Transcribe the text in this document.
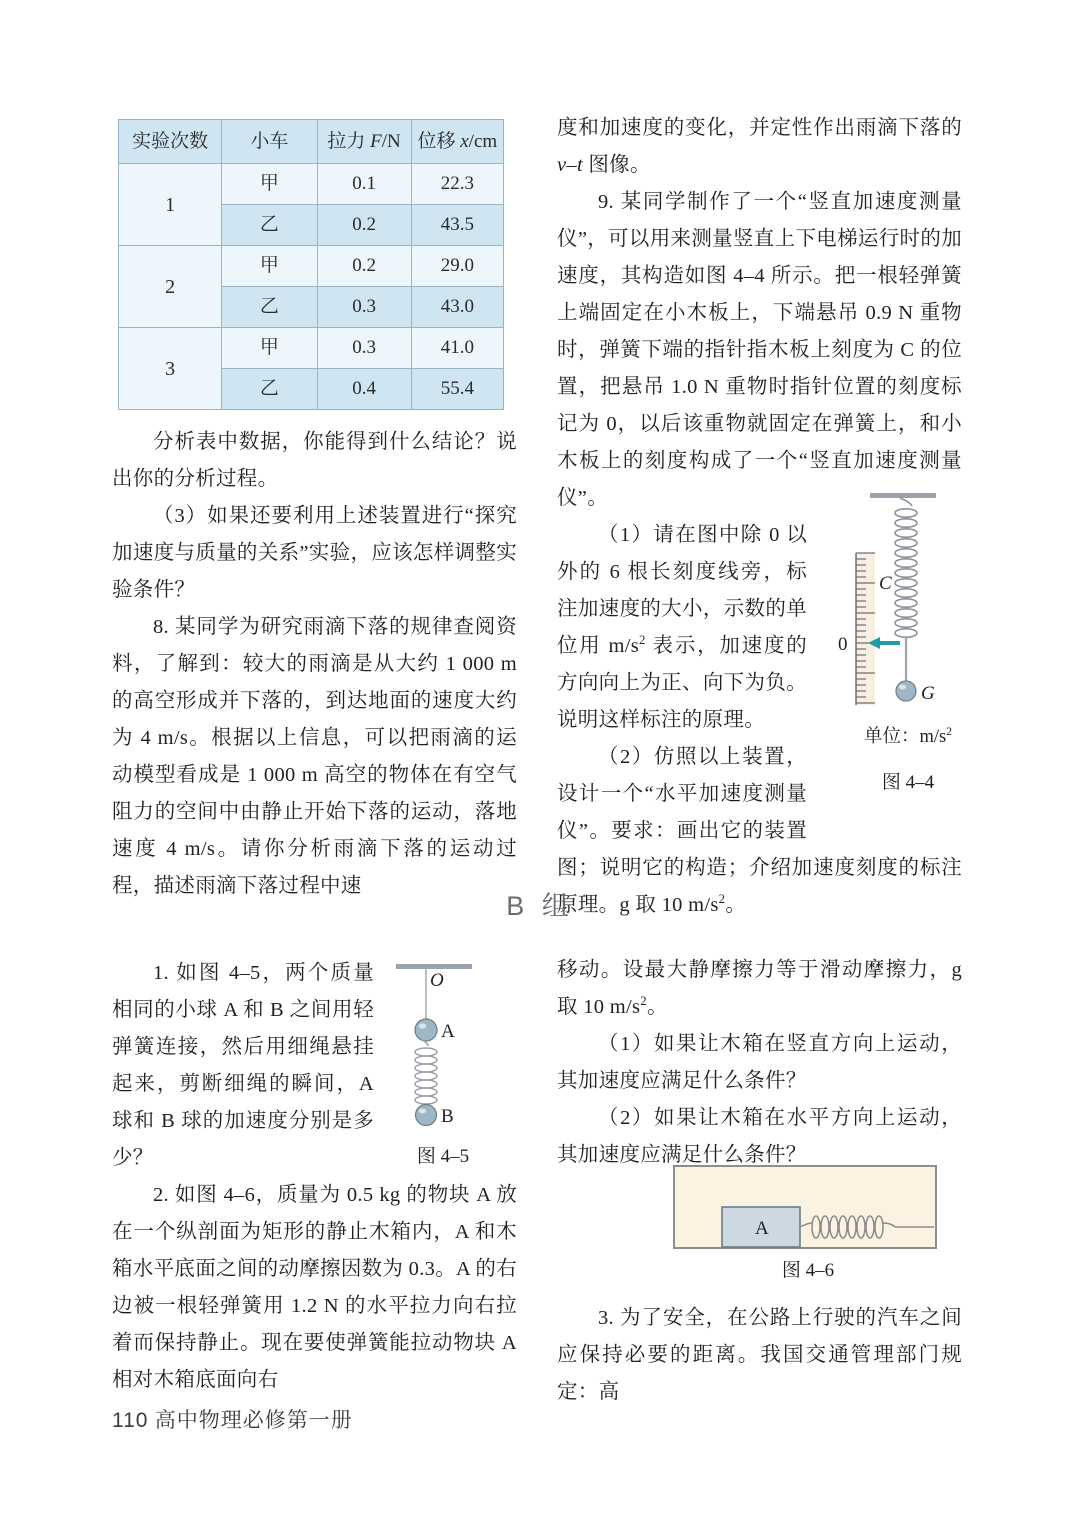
实验次数	小车	拉力 F/N	位移 x/cm
1	甲	0.1	22.3
	乙	0.2	43.5
2	甲	0.2	29.0
	乙	0.3	43.0
3	甲	0.3	41.0
	乙	0.4	55.4

分析表中数据，你能得到什么结论？说出你的分析过程。

（3）如果还要利用上述装置进行“探究加速度与质量的关系”实验，应该怎样调整实验条件？

8. 某同学为研究雨滴下落的规律查阅资料，了解到：较大的雨滴是从大约 1 000 m 的高空形成并下落的，到达地面的速度大约为 4 m/s。根据以上信息，可以把雨滴的运动模型看成是 1 000 m 高空的物体在有空气阻力的空间中由静止开始下落的运动，落地速度 4 m/s。请你分析雨滴下落的运动过程，描述雨滴下落过程中速

度和加速度的变化，并定性作出雨滴下落的 v–t 图像。

9. 某同学制作了一个“竖直加速度测量仪”，可以用来测量竖直上下电梯运行时的加速度，其构造如图 4–4 所示。把一根轻弹簧上端固定在小木板上，下端悬吊 0.9 N 重物时，弹簧下端的指针指木板上刻度为 C 的位置，把悬吊 1.0 N 重物时指针位置的刻度标记为 0，以后该重物就固定在弹簧上，和小木板上的刻度构成了一个“竖直加速度测量仪”。

（1）请在图中除 0 以外的 6 根长刻度线旁，标注加速度的大小，示数的单位用 $m/s^2$ 表示，加速度的方向向上为正、向下为负。说明这样标注的原理。

（2）仿照以上装置，设计一个“水平加速度测量仪”。要求：画出它的装置图；说明它的构造；介绍加速度刻度的标注原理。g 取 10 $m/s^2$。

C
0
G
单位：$m/s^2$
图 4–4
B 组

1. 如图 4–5，两个质量相同的小球 A 和 B 之间用轻弹簧连接，然后用细绳悬挂起来，剪断细绳的瞬间，A 球和 B 球的加速度分别是多少？

2. 如图 4–6，质量为 0.5 kg 的物块 A 放在一个纵剖面为矩形的静止木箱内，A 和木箱水平底面之间的动摩擦因数为 0.3。A 的右边被一根轻弹簧用 1.2 N 的水平拉力向右拉着而保持静止。现在要使弹簧能拉动物块 A 相对木箱底面向右

O
A
B
图 4–5

移动。设最大静摩擦力等于滑动摩擦力，g 取 10 $m/s^2$。

（1）如果让木箱在竖直方向上运动，其加速度应满足什么条件？

（2）如果让木箱在水平方向上运动，其加速度应满足什么条件？

A
图 4–6

3. 为了安全，在公路上行驶的汽车之间应保持必要的距离。我国交通管理部门规定：高

110 高中物理必修第一册
